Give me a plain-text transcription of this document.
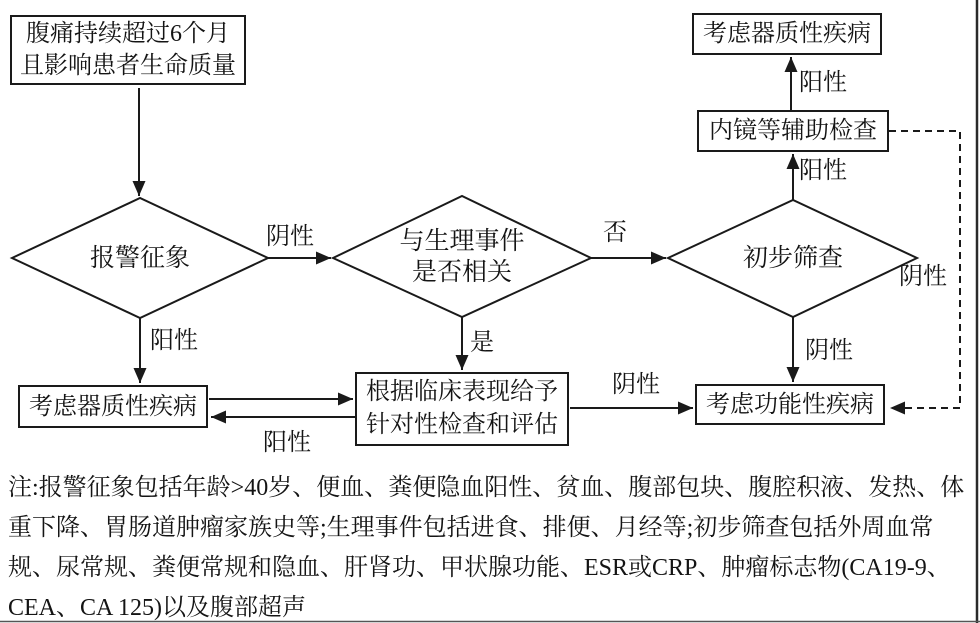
腹痛持续超过6个月
且影响患者生命质量
考虑器质性疾病
内镜等辅助检查
考虑器质性疾病
根据临床表现给予
针对性检查和评估
考虑功能性疾病
报警征象
与生理事件
是否相关
初步筛查
阴性
阳性
否
是
阳性
阳性
阴性
阴性
阳性
阴性
注:报警征象包括年龄>40岁、便血、粪便隐血阳性、贫血、腹部包块、腹腔积液、发热、体
重下降、胃肠道肿瘤家族史等;生理事件包括进食、排便、月经等;初步筛查包括外周血常
规、尿常规、粪便常规和隐血、肝肾功、甲状腺功能、ESR或CRP、肿瘤标志物(CA19-9、
CEA、CA 125)以及腹部超声
